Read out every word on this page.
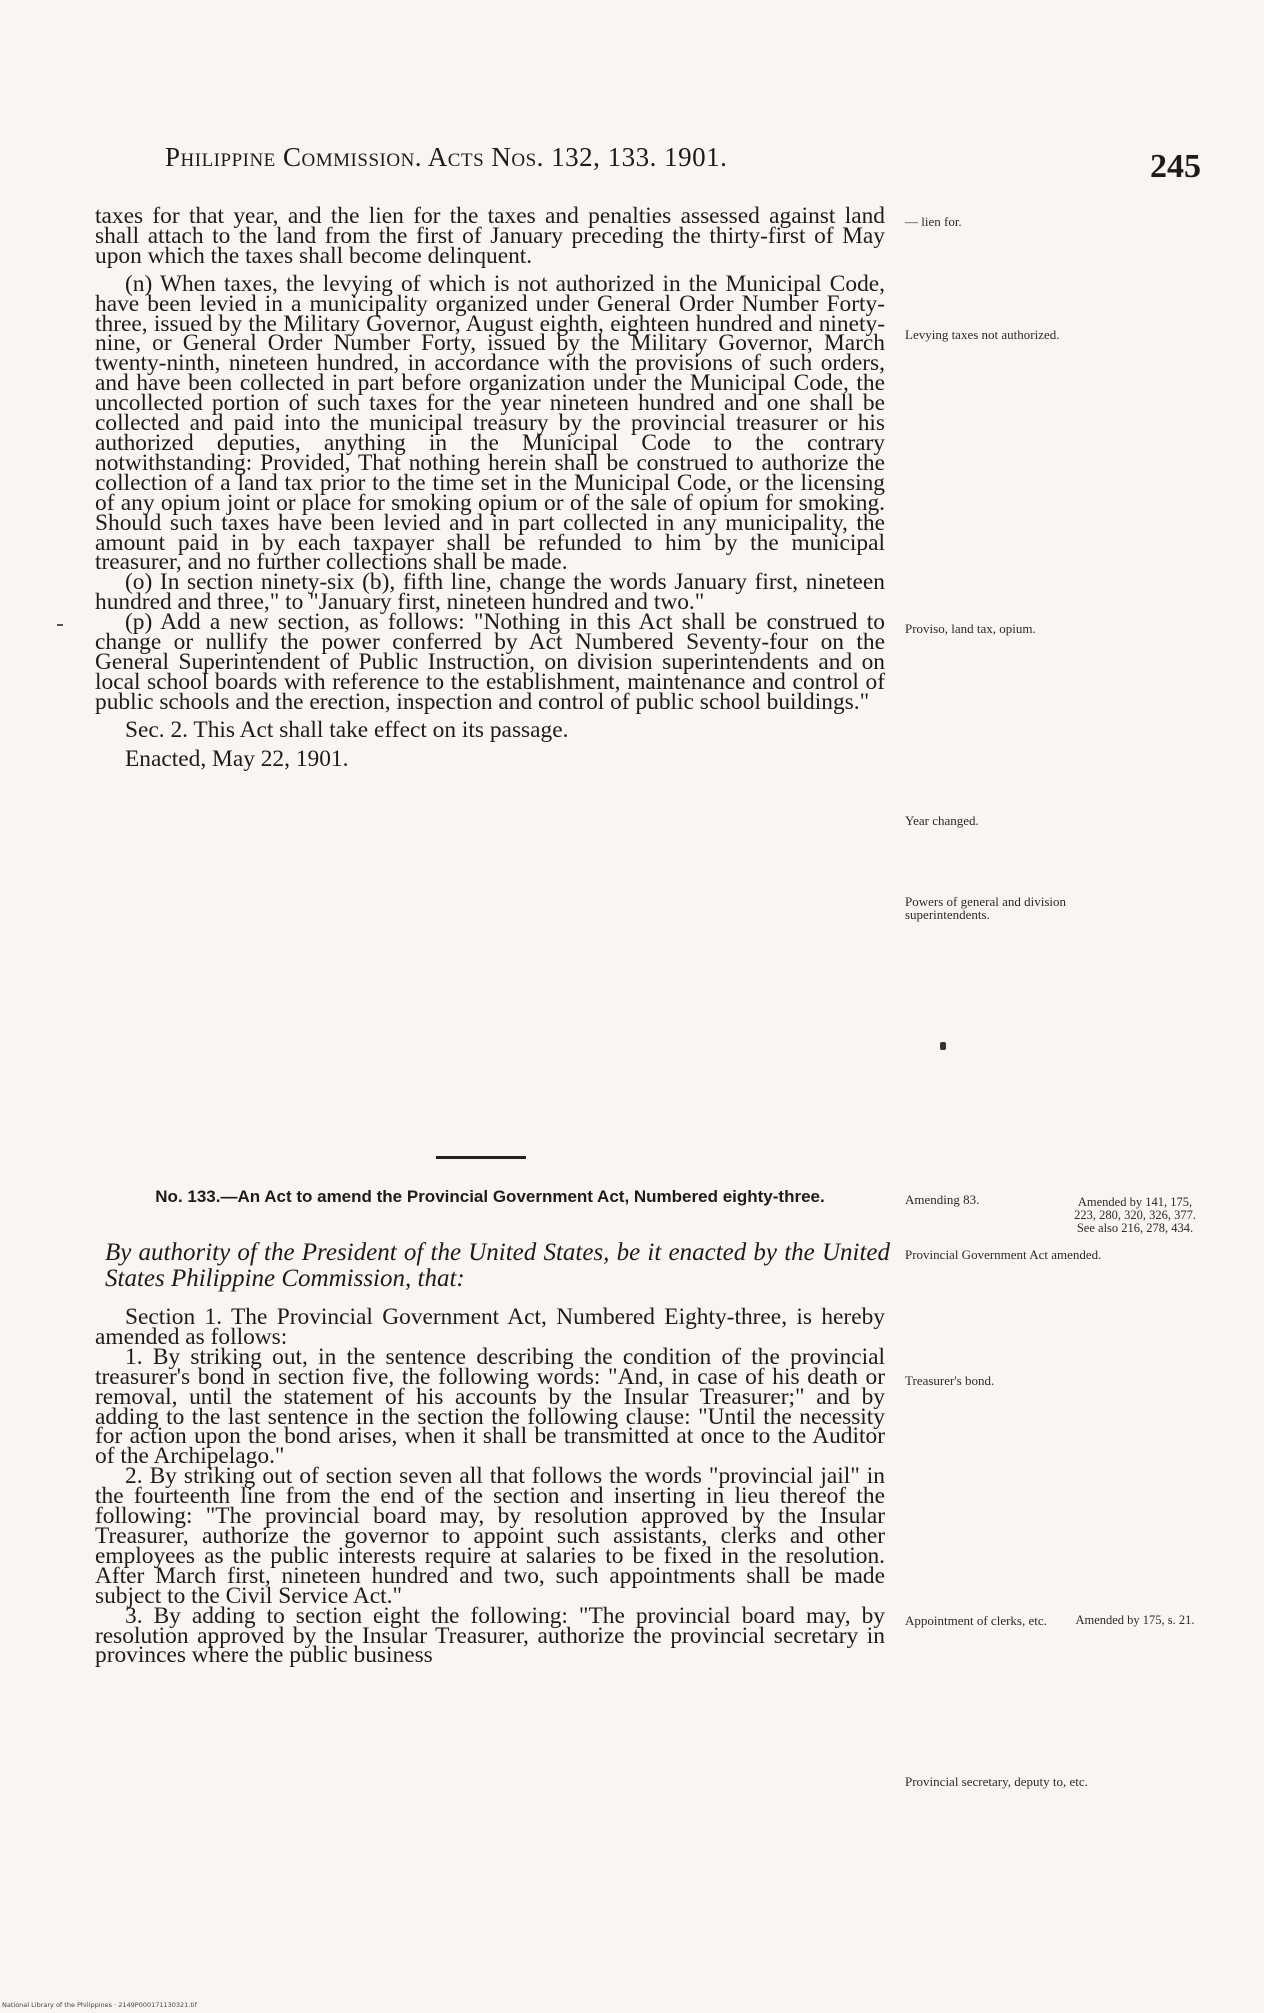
Philippine Commission. Acts Nos. 132, 133. 1901.	245

taxes for that year, and the lien for the taxes and penalties assessed against land shall attach to the land from the first of January preceding the thirty-first of May upon which the taxes shall become delinquent.

(n) When taxes, the levying of which is not authorized in the Municipal Code, have been levied in a municipality organized under General Order Number Forty-three, issued by the Military Governor, August eighth, eighteen hundred and ninety-nine, or General Order Number Forty, issued by the Military Governor, March twenty-ninth, nineteen hundred, in accordance with the provisions of such orders, and have been collected in part before organization under the Municipal Code, the uncollected portion of such taxes for the year nineteen hundred and one shall be collected and paid into the municipal treasury by the provincial treasurer or his authorized deputies, anything in the Municipal Code to the contrary notwithstanding: Provided, That nothing herein shall be construed to authorize the collection of a land tax prior to the time set in the Municipal Code, or the licensing of any opium joint or place for smoking opium or of the sale of opium for smoking. Should such taxes have been levied and in part collected in any municipality, the amount paid in by each taxpayer shall be refunded to him by the municipal treasurer, and no further collections shall be made.

(o) In section ninety-six (b), fifth line, change the words January first, nineteen hundred and three," to "January first, nineteen hundred and two."

(p) Add a new section, as follows: "Nothing in this Act shall be construed to change or nullify the power conferred by Act Numbered Seventy-four on the General Superintendent of Public Instruction, on division superintendents and on local school boards with reference to the establishment, maintenance and control of public schools and the erection, inspection and control of public school buildings."

Sec. 2. This Act shall take effect on its passage.

Enacted, May 22, 1901.

No. 133.—An Act to amend the Provincial Government Act, Numbered eighty-three.
By authority of the President of the United States, be it enacted by the United States Philippine Commission, that:

Section 1. The Provincial Government Act, Numbered Eighty-three, is hereby amended as follows:

1. By striking out, in the sentence describing the condition of the provincial treasurer's bond in section five, the following words: "And, in case of his death or removal, until the statement of his accounts by the Insular Treasurer;" and by adding to the last sentence in the section the following clause: "Until the necessity for action upon the bond arises, when it shall be transmitted at once to the Auditor of the Archipelago."

2. By striking out of section seven all that follows the words "provincial jail" in the fourteenth line from the end of the section and inserting in lieu thereof the following: "The provincial board may, by resolution approved by the Insular Treasurer, authorize the governor to appoint such assistants, clerks and other employees as the public interests require at salaries to be fixed in the resolution. After March first, nineteen hundred and two, such appointments shall be made subject to the Civil Service Act."

3. By adding to section eight the following: "The provincial board may, by resolution approved by the Insular Treasurer, authorize the provincial secretary in provinces where the public business

— lien for.
Levying taxes not authorized.
Proviso, land tax, opium.
Year changed.
Powers of general and division superintendents.
Amending 83.
Provincial Government Act amended.
Treasurer's bond.
Appointment of clerks, etc.
Provincial secretary, deputy to, etc.
Amended by 141, 175, 223, 280, 320, 326, 377. See also 216, 278, 434.
Amended by 175, s. 21.
National Library of the Philippines · 2149P000171130321.tif
